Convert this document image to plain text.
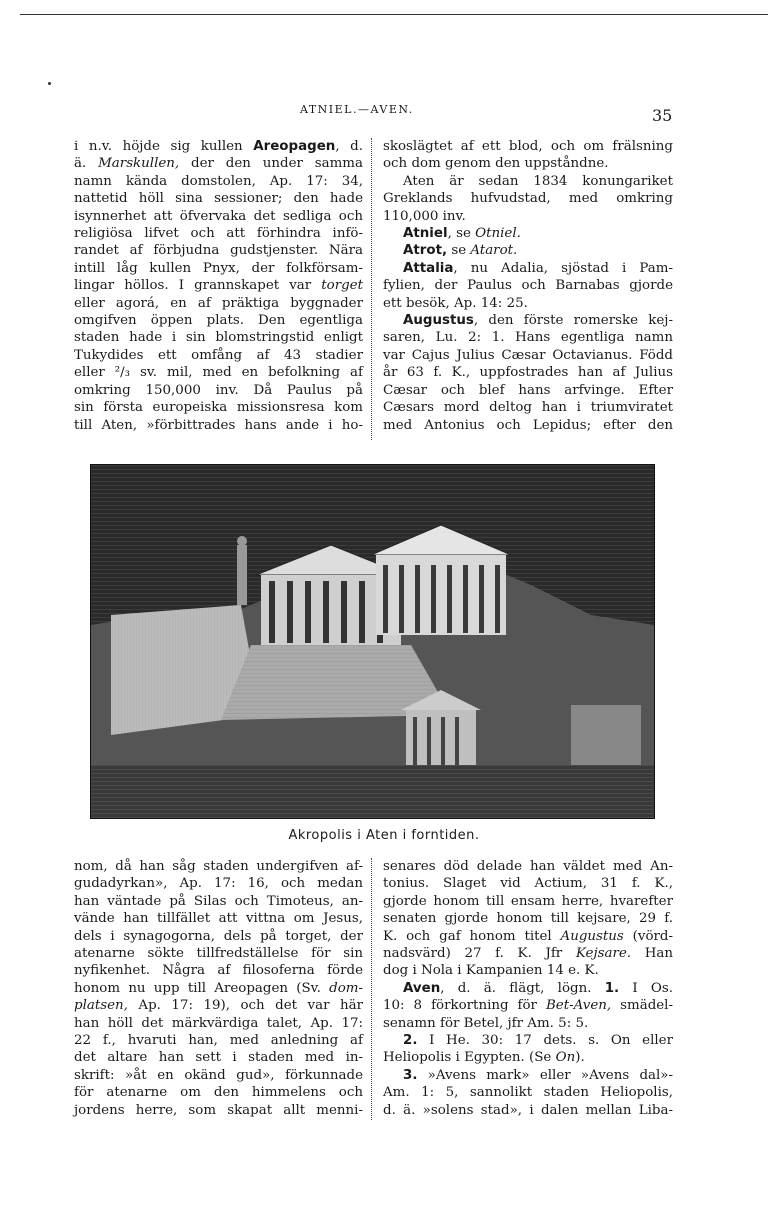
ATNIEL.—AVEN.	35
i n.v. höjde sig kullen Areopagen, d.
ä. Marskullen, der den under samma
namn kända domstolen, Ap. 17: 34,
nattetid höll sina sessioner; den hade
isynnerhet att öfvervaka det sedliga och
religiösa lifvet och att förhindra infö-
randet af förbjudna gudstjenster. Nära
intill låg kullen Pnyx, der folkförsam-
lingar höllos. I grannskapet var torget
eller agorá, en af präktiga byggnader
omgifven öppen plats. Den egentliga
staden hade i sin blomstringstid enligt
Tukydides ett omfång af 43 stadier
eller ²/₃ sv. mil, med en befolkning af
omkring 150,000 inv. Då Paulus på
sin första europeiska missionsresa kom
till Aten, »förbittrades hans ande i ho-
skoslägtet af ett blod, och om frälsning
och dom genom den uppståndne.
Aten är sedan 1834 konungariket
Greklands hufvudstad, med omkring
110,000 inv.
Atniel, se Otniel.
Atrot, se Atarot.
Attalia, nu Adalia, sjöstad i Pam-
fylien, der Paulus och Barnabas gjorde
ett besök, Ap. 14: 25.
Augustus, den förste romerske kej-
saren, Lu. 2: 1. Hans egentliga namn
var Cajus Julius Cæsar Octavianus. Född
år 63 f. K., uppfostrades han af Julius
Cæsar och blef hans arfvinge. Efter
Cæsars mord deltog han i triumviratet
med Antonius och Lepidus; efter den
Akropolis i Aten i forntiden.
nom, då han såg staden undergifven af-
gudadyrkan», Ap. 17: 16, och medan
han väntade på Silas och Timoteus, an-
vände han tillfället att vittna om Jesus,
dels i synagogorna, dels på torget, der
atenarne sökte tillfredställelse för sin
nyfikenhet. Några af filosoferna förde
honom nu upp till Areopagen (Sv. dom-
platsen, Ap. 17: 19), och det var här
han höll det märkvärdiga talet, Ap. 17:
22 f., hvaruti han, med anledning af
det altare han sett i staden med in-
skrift: »åt en okänd gud», förkunnade
för atenarne om den himmelens och
jordens herre, som skapat allt menni-
senares död delade han väldet med An-
tonius. Slaget vid Actium, 31 f. K.,
gjorde honom till ensam herre, hvarefter
senaten gjorde honom till kejsare, 29 f.
K. och gaf honom titel Augustus (vörd-
nadsvärd) 27 f. K. Jfr Kejsare. Han
dog i Nola i Kampanien 14 e. K.
Aven, d. ä. flägt, lögn. 1. I Os.
10: 8 förkortning för Bet-Aven, smädel-
senamn för Betel, jfr Am. 5: 5.
2. I He. 30: 17 dets. s. On eller
Heliopolis i Egypten. (Se On).
3. »Avens mark» eller »Avens dal»-
Am. 1: 5, sannolikt staden Heliopolis,
d. ä. »solens stad», i dalen mellan Liba-
